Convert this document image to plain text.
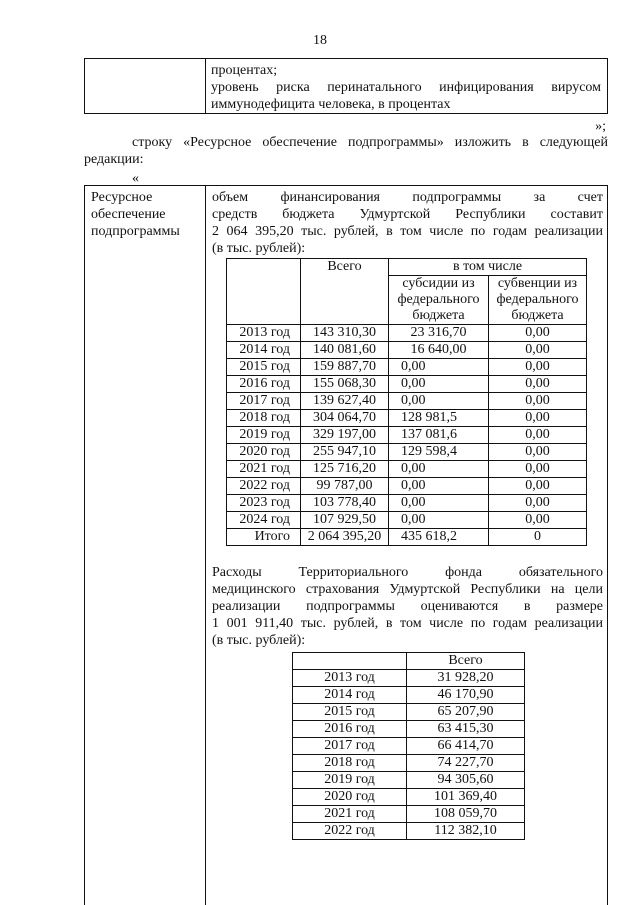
18
процентах;
уровень риска перинатального инфицирования вирусом
иммунодефицита человека, в процентах
»;
строку «Ресурсное обеспечение подпрограммы» изложить в следующей
редакции:
«
Ресурсное
обеспечение
подпрограммы
объем финансирования подпрограммы за счет
средств бюджета Удмуртской Республики составит
2 064 395,20 тыс. рублей, в том числе по годам реализации
(в тыс. рублей):
	Всего	в том числе	
		субсидии из федерального бюджета	субвенции из федерального бюджета
2013 год	143 310,30	23 316,70	0,00
2014 год	140 081,60	16 640,00	0,00
2015 год	159 887,70	0,00	0,00
2016 год	155 068,30	0,00	0,00
2017 год	139 627,40	0,00	0,00
2018 год	304 064,70	128 981,5	0,00
2019 год	329 197,00	137 081,6	0,00
2020 год	255 947,10	129 598,4	0,00
2021 год	125 716,20	0,00	0,00
2022 год	99 787,00	0,00	0,00
2023 год	103 778,40	0,00	0,00
2024 год	107 929,50	0,00	0,00
Итого	2 064 395,20	435 618,2	0
Расходы Территориального фонда обязательного
медицинского страхования Удмуртской Республики на цели
реализации подпрограммы оцениваются в размере
1 001 911,40 тыс. рублей, в том числе по годам реализации
(в тыс. рублей):
	Всего
2013 год	31 928,20
2014 год	46 170,90
2015 год	65 207,90
2016 год	63 415,30
2017 год	66 414,70
2018 год	74 227,70
2019 год	94 305,60
2020 год	101 369,40
2021 год	108 059,70
2022 год	112 382,10
